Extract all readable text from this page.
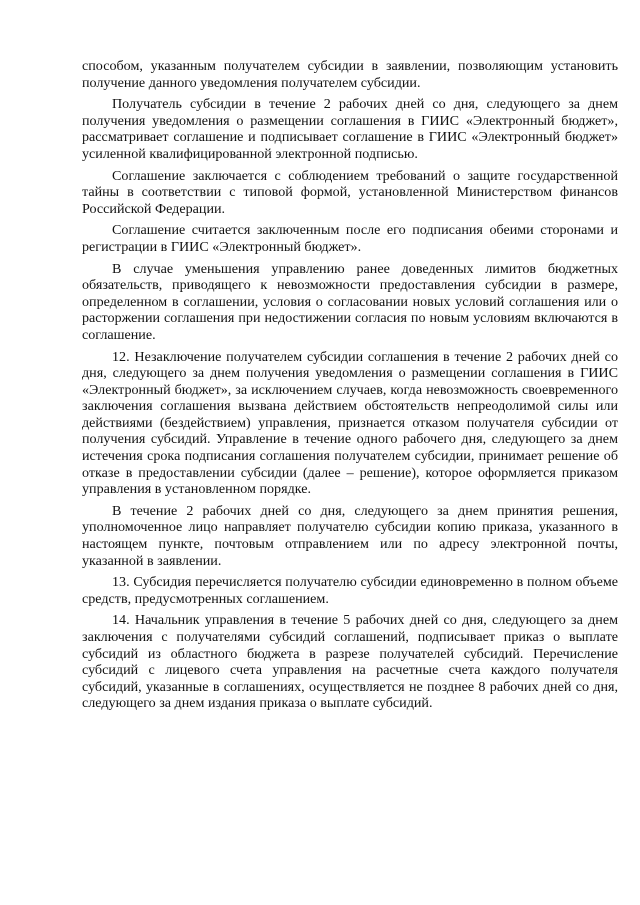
способом, указанным получателем субсидии в заявлении, позволяющим установить получение данного уведомления получателем субсидии.

Получатель субсидии в течение 2 рабочих дней со дня, следующего за днем получения уведомления о размещении соглашения в ГИИС «Электронный бюджет», рассматривает соглашение и подписывает соглашение в ГИИС «Электронный бюджет» усиленной квалифицированной электронной подписью.

Соглашение заключается с соблюдением требований о защите государственной тайны в соответствии с типовой формой, установленной Министерством финансов Российской Федерации.

Соглашение считается заключенным после его подписания обеими сторонами и регистрации в ГИИС «Электронный бюджет».

В случае уменьшения управлению ранее доведенных лимитов бюджетных обязательств, приводящего к невозможности предоставления субсидии в размере, определенном в соглашении, условия о согласовании новых условий соглашения или о расторжении соглашения при недостижении согласия по новым условиям включаются в соглашение.

12. Незаключение получателем субсидии соглашения в течение 2 рабочих дней со дня, следующего за днем получения уведомления о размещении соглашения в ГИИС «Электронный бюджет», за исключением случаев, когда невозможность своевременного заключения соглашения вызвана действием обстоятельств непреодолимой силы или действиями (бездействием) управления, признается отказом получателя субсидии от получения субсидий. Управление в течение одного рабочего дня, следующего за днем истечения срока подписания соглашения получателем субсидии, принимает решение об отказе в предоставлении субсидии (далее – решение), которое оформляется приказом управления в установленном порядке.

В течение 2 рабочих дней со дня, следующего за днем принятия решения, уполномоченное лицо направляет получателю субсидии копию приказа, указанного в настоящем пункте, почтовым отправлением или по адресу электронной почты, указанной в заявлении.

13. Субсидия перечисляется получателю субсидии единовременно в полном объеме средств, предусмотренных соглашением.

14. Начальник управления в течение 5 рабочих дней со дня, следующего за днем заключения с получателями субсидий соглашений, подписывает приказ о выплате субсидий из областного бюджета в разрезе получателей субсидий. Перечисление субсидий с лицевого счета управления на расчетные счета каждого получателя субсидий, указанные в соглашениях, осуществляется не позднее 8 рабочих дней со дня, следующего за днем издания приказа о выплате субсидий.
